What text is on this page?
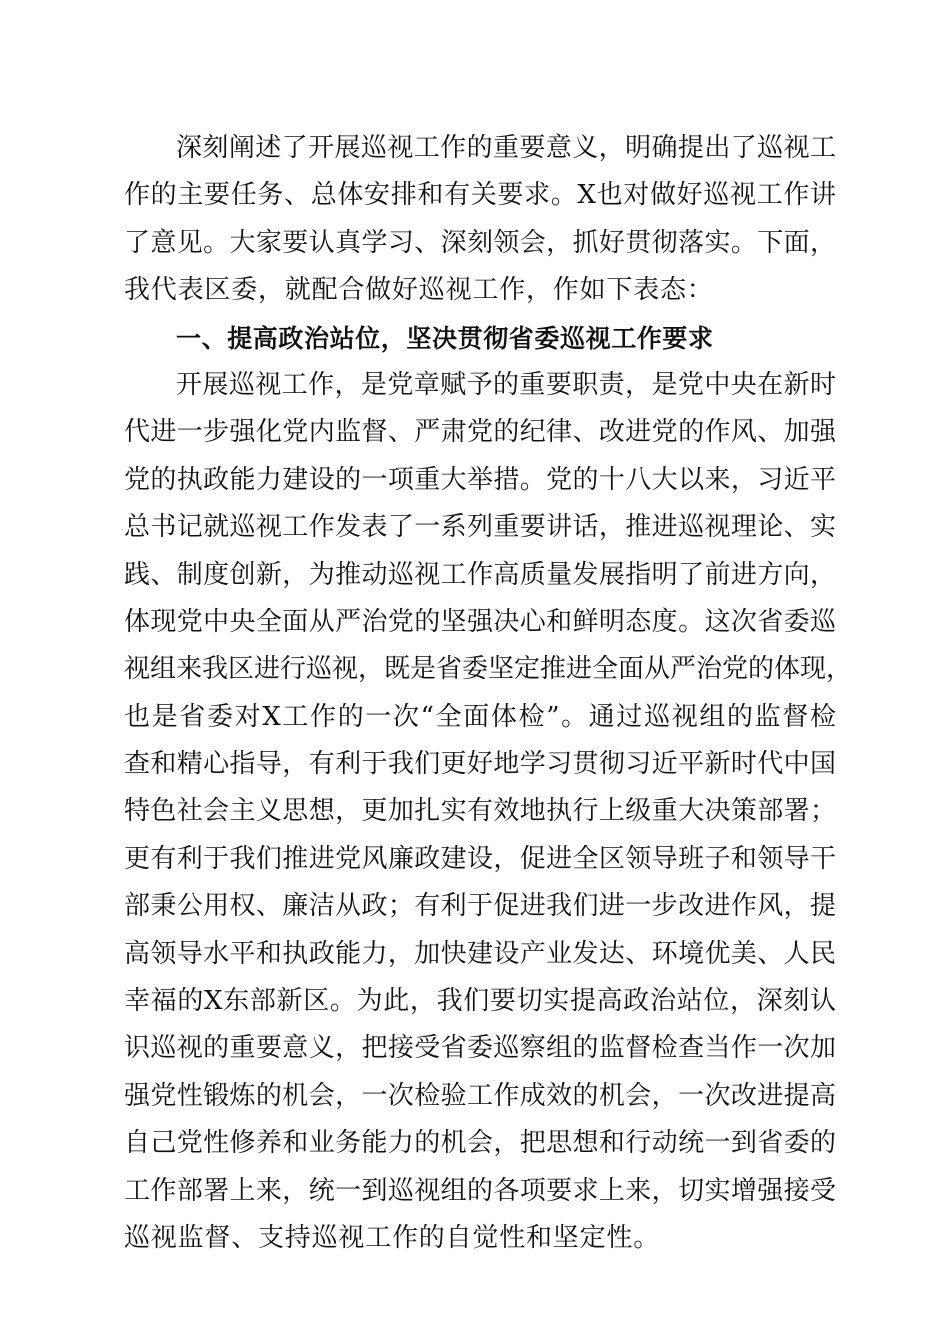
深刻阐述了开展巡视工作的重要意义，明确提出了巡视工
作的主要任务、总体安排和有关要求。X也对做好巡视工作讲
了意见。大家要认真学习、深刻领会，抓好贯彻落实。下面，
我代表区委，就配合做好巡视工作，作如下表态：
一、提高政治站位，坚决贯彻省委巡视工作要求
开展巡视工作，是党章赋予的重要职责，是党中央在新时
代进一步强化党内监督、严肃党的纪律、改进党的作风、加强
党的执政能力建设的一项重大举措。党的十八大以来，习近平
总书记就巡视工作发表了一系列重要讲话，推进巡视理论、实
践、制度创新，为推动巡视工作高质量发展指明了前进方向，
体现党中央全面从严治党的坚强决心和鲜明态度。这次省委巡
视组来我区进行巡视，既是省委坚定推进全面从严治党的体现，
也是省委对X工作的一次“全面体检”。通过巡视组的监督检
查和精心指导，有利于我们更好地学习贯彻习近平新时代中国
特色社会主义思想，更加扎实有效地执行上级重大决策部署；
更有利于我们推进党风廉政建设，促进全区领导班子和领导干
部秉公用权、廉洁从政；有利于促进我们进一步改进作风，提
高领导水平和执政能力，加快建设产业发达、环境优美、人民
幸福的X东部新区。为此，我们要切实提高政治站位，深刻认
识巡视的重要意义，把接受省委巡察组的监督检查当作一次加
强党性锻炼的机会，一次检验工作成效的机会，一次改进提高
自己党性修养和业务能力的机会，把思想和行动统一到省委的
工作部署上来，统一到巡视组的各项要求上来，切实增强接受
巡视监督、支持巡视工作的自觉性和坚定性。
